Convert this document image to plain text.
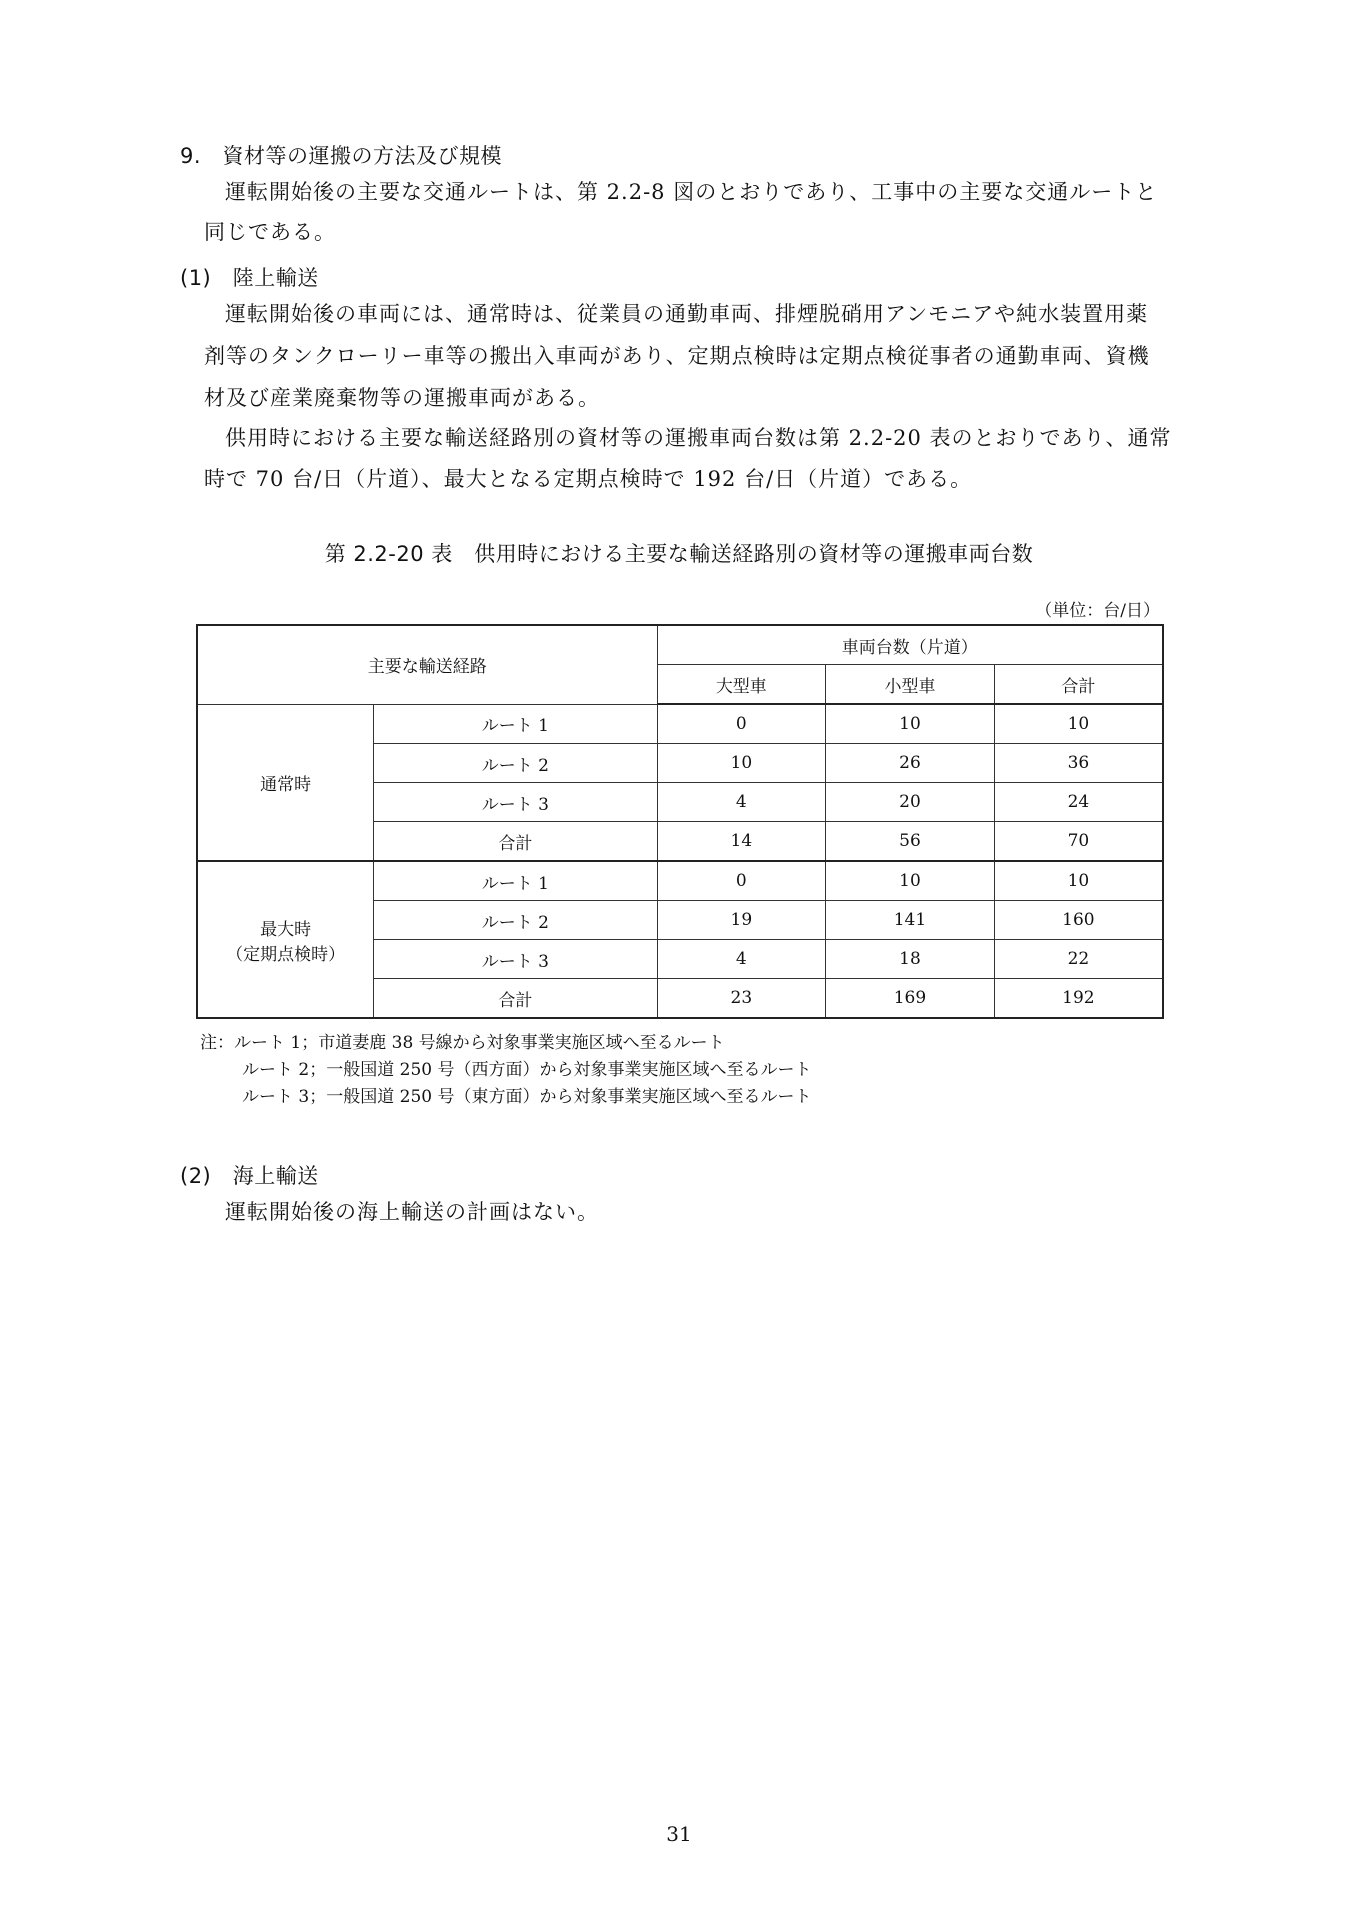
9.　資材等の運搬の方法及び規模
運転開始後の主要な交通ルートは、第 2.2-8 図のとおりであり、工事中の主要な交通ルートと
同じである。
(1)　陸上輸送
運転開始後の車両には、通常時は、従業員の通勤車両、排煙脱硝用アンモニアや純水装置用薬
剤等のタンクローリー車等の搬出入車両があり、定期点検時は定期点検従事者の通勤車両、資機
材及び産業廃棄物等の運搬車両がある。
供用時における主要な輸送経路別の資材等の運搬車両台数は第 2.2-20 表のとおりであり、通常
時で 70 台/日（片道）、最大となる定期点検時で 192 台/日（片道）である。
第 2.2-20 表　供用時における主要な輸送経路別の資材等の運搬車両台数
（単位：台/日）
主要な輸送経路		車両台数（片道）		
		大型車	小型車	合計
通常時	ルート 1	0	10	10
	ルート 2	10	26	36
	ルート 3	4	20	24
	合計	14	56	70

最大時
（定期点検時）	ルート 1	0	10	10
	ルート 2	19	141	160
	ルート 3	4	18	22
	合計	23	169	192
注：ルート 1；市道妻鹿 38 号線から対象事業実施区域へ至るルート
ルート 2；一般国道 250 号（西方面）から対象事業実施区域へ至るルート
ルート 3；一般国道 250 号（東方面）から対象事業実施区域へ至るルート
(2)　海上輸送
運転開始後の海上輸送の計画はない。
31
